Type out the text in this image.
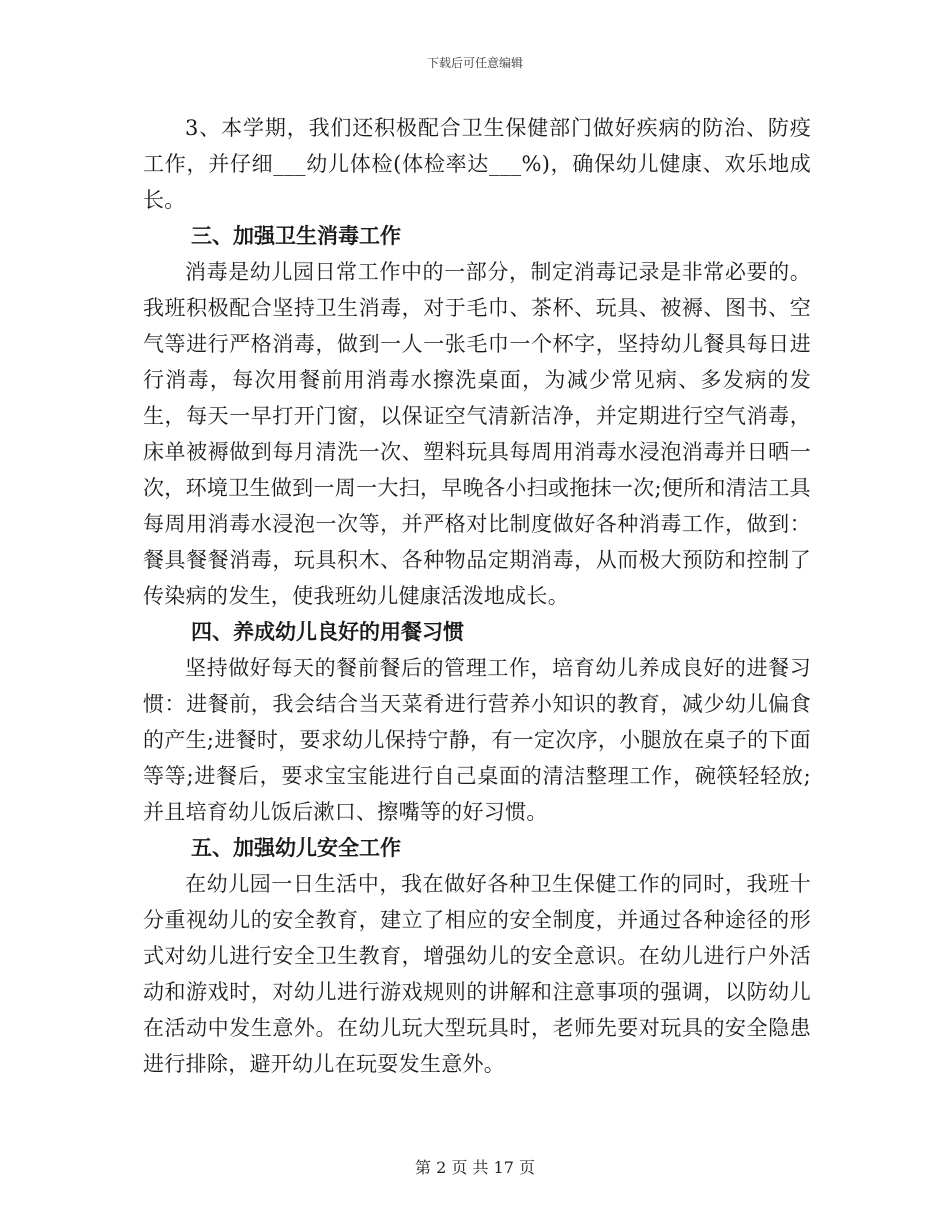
下载后可任意编辑

3、本学期，我们还积极配合卫生保健部门做好疾病的防治、防疫工作，并仔细___幼儿体检(体检率达___%)，确保幼儿健康、欢乐地成长。

三、加强卫生消毒工作

消毒是幼儿园日常工作中的一部分，制定消毒记录是非常必要的。我班积极配合坚持卫生消毒，对于毛巾、茶杯、玩具、被褥、图书、空气等进行严格消毒，做到一人一张毛巾一个杯字，坚持幼儿餐具每日进行消毒，每次用餐前用消毒水擦洗桌面，为减少常见病、多发病的发生，每天一早打开门窗，以保证空气清新洁净，并定期进行空气消毒，床单被褥做到每月清洗一次、塑料玩具每周用消毒水浸泡消毒并日晒一次，环境卫生做到一周一大扫，早晚各小扫或拖抹一次;便所和清洁工具每周用消毒水浸泡一次等，并严格对比制度做好各种消毒工作，做到：餐具餐餐消毒，玩具积木、各种物品定期消毒，从而极大预防和控制了传染病的发生，使我班幼儿健康活泼地成长。

四、养成幼儿良好的用餐习惯

坚持做好每天的餐前餐后的管理工作，培育幼儿养成良好的进餐习惯：进餐前，我会结合当天菜肴进行营养小知识的教育，减少幼儿偏食的产生;进餐时，要求幼儿保持宁静，有一定次序，小腿放在桌子的下面等等;进餐后，要求宝宝能进行自己桌面的清洁整理工作，碗筷轻轻放;并且培育幼儿饭后漱口、擦嘴等的好习惯。

五、加强幼儿安全工作

在幼儿园一日生活中，我在做好各种卫生保健工作的同时，我班十分重视幼儿的安全教育，建立了相应的安全制度，并通过各种途径的形式对幼儿进行安全卫生教育，增强幼儿的安全意识。在幼儿进行户外活动和游戏时，对幼儿进行游戏规则的讲解和注意事项的强调，以防幼儿在活动中发生意外。在幼儿玩大型玩具时，老师先要对玩具的安全隐患进行排除，避开幼儿在玩耍发生意外。

第 2 页 共 17 页
